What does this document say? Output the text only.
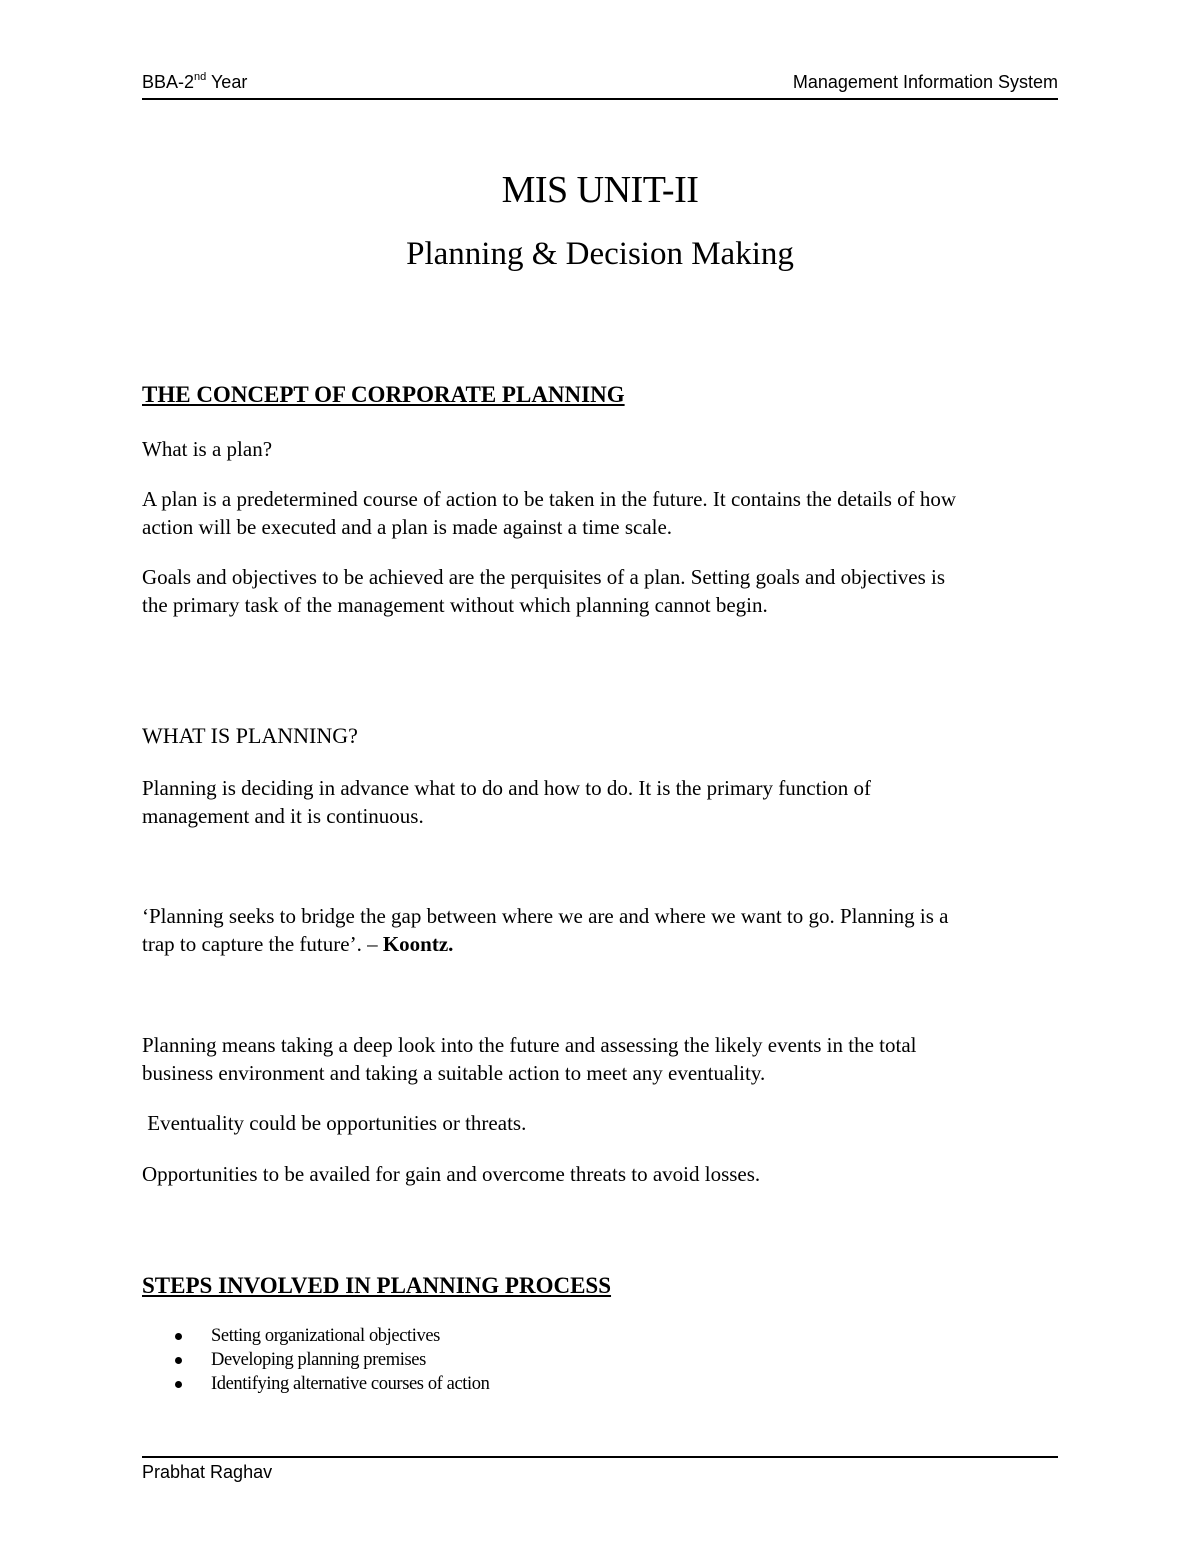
BBA-2nd Year	Management Information System
MIS UNIT-II
Planning & Decision Making
THE CONCEPT OF CORPORATE PLANNING
What is a plan?
A plan is a predetermined course of action to be taken in the future. It contains the details of how
action will be executed and a plan is made against a time scale.
Goals and objectives to be achieved are the perquisites of a plan. Setting goals and objectives is
the primary task of the management without which planning cannot begin.
WHAT IS PLANNING?
Planning is deciding in advance what to do and how to do. It is the primary function of
management and it is continuous.
‘Planning seeks to bridge the gap between where we are and where we want to go. Planning is a
trap to capture the future’. – Koontz.
Planning means taking a deep look into the future and assessing the likely events in the total
business environment and taking a suitable action to meet any eventuality.
Eventuality could be opportunities or threats.
Opportunities to be availed for gain and overcome threats to avoid losses.
STEPS INVOLVED IN PLANNING PROCESS
Setting organizational objectives
Developing planning premises
Identifying alternative courses of action
Prabhat Raghav
